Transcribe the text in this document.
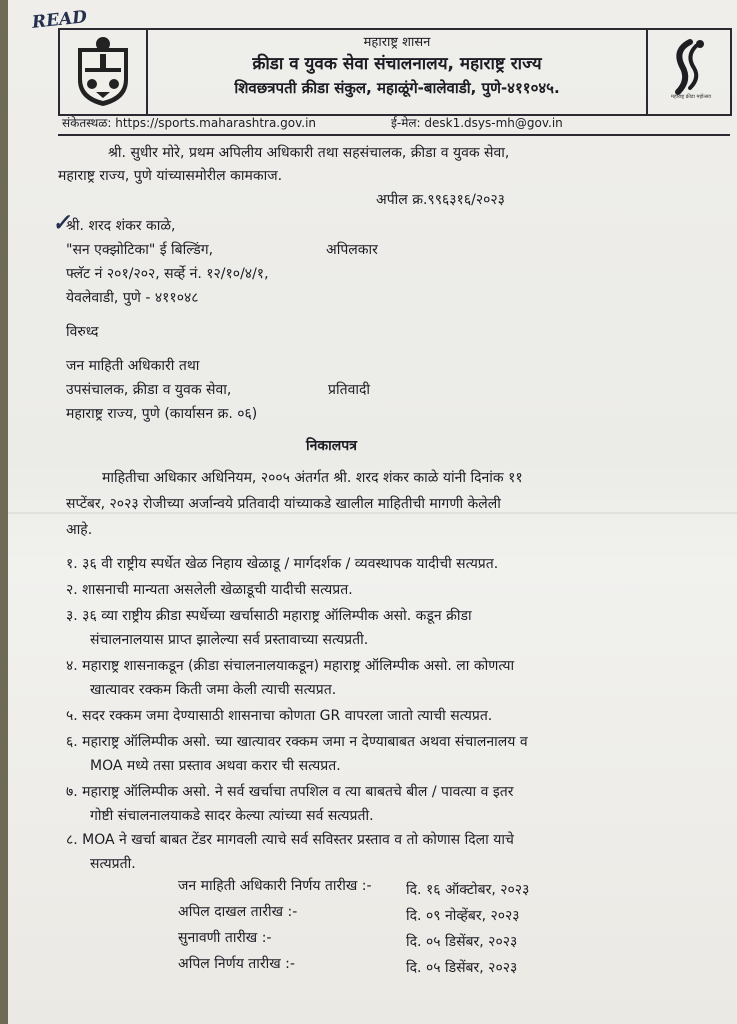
READ
✓
महाराष्ट्र शासन
क्रीडा व युवक सेवा संचालनालय, महाराष्ट्र राज्य
शिवछत्रपती क्रीडा संकुल, महाळूंगे-बालेवाडी, पुणे-४११०४५.	महाराष्ट्र क्रीडा महोत्सव
संकेतस्थळ: https://sports.maharashtra.gov.in	ई-मेल: desk1.dsys-mh@gov.in
श्री. सुधीर मोरे, प्रथम अपिलीय अधिकारी तथा सहसंचालक, क्रीडा व युवक सेवा,
महाराष्ट्र राज्य, पुणे यांच्यासमोरील कामकाज.
अपील क्र.९९६३१६/२०२३
श्री. शरद शंकर काळे,
"सन एक्झोटिका" ई बिल्डिंग,	अपिलकार
फ्लॅट नं २०१/२०२, सर्व्हे नं. १२/१०/४/१,
येवलेवाडी, पुणे - ४११०४८
विरुध्द
जन माहिती अधिकारी तथा
उपसंचालक, क्रीडा व युवक सेवा,	प्रतिवादी
महाराष्ट्र राज्य, पुणे (कार्यासन क्र. ०६)
निकालपत्र
माहितीचा अधिकार अधिनियम, २००५ अंतर्गत श्री. शरद शंकर काळे यांनी दिनांक ११
सप्टेंबर, २०२३ रोजीच्या अर्जान्वये प्रतिवादी यांच्याकडे खालील माहितीची मागणी केलेली
आहे.
१. ३६ वी राष्ट्रीय स्पर्धेत खेळ निहाय खेळाडू / मार्गदर्शक / व्यवस्थापक यादीची सत्यप्रत.
२. शासनाची मान्यता असलेली खेळाडूची यादीची सत्यप्रत.
३. ३६ व्या राष्ट्रीय क्रीडा स्पर्धेच्या खर्चासाठी महाराष्ट्र ऑलिम्पीक असो. कडून क्रीडा
संचालनालयास प्राप्त झालेल्या सर्व प्रस्तावाच्या सत्यप्रती.
४. महाराष्ट्र शासनाकडून (क्रीडा संचालनालयाकडून) महाराष्ट्र ऑलिम्पीक असो. ला कोणत्या
खात्यावर रक्कम किती जमा केली त्याची सत्यप्रत.
५. सदर रक्कम जमा देण्यासाठी शासनाचा कोणता GR वापरला जातो त्याची सत्यप्रत.
६. महाराष्ट्र ऑलिम्पीक असो. च्या खात्यावर रक्कम जमा न देण्याबाबत अथवा संचालनालय व
MOA मध्ये तसा प्रस्ताव अथवा करार ची सत्यप्रत.
७. महाराष्ट्र ऑलिम्पीक असो. ने सर्व खर्चाचा तपशिल व त्या बाबतचे बील / पावत्या व इतर
गोष्टी संचालनालयाकडे सादर केल्या त्यांच्या सर्व सत्यप्रती.
८. MOA ने खर्चा बाबत टेंडर मागवली त्याचे सर्व सविस्तर प्रस्ताव व तो कोणास दिला याचे
सत्यप्रती.
जन माहिती अधिकारी निर्णय तारीख :- दि. १६ ऑक्टोबर, २०२३
अपिल दाखल तारीख :-	दि. ०९ नोव्हेंबर, २०२३
सुनावणी तारीख :-	दि. ०५ डिसेंबर, २०२३
अपिल निर्णय तारीख :-	दि. ०५ डिसेंबर, २०२३
